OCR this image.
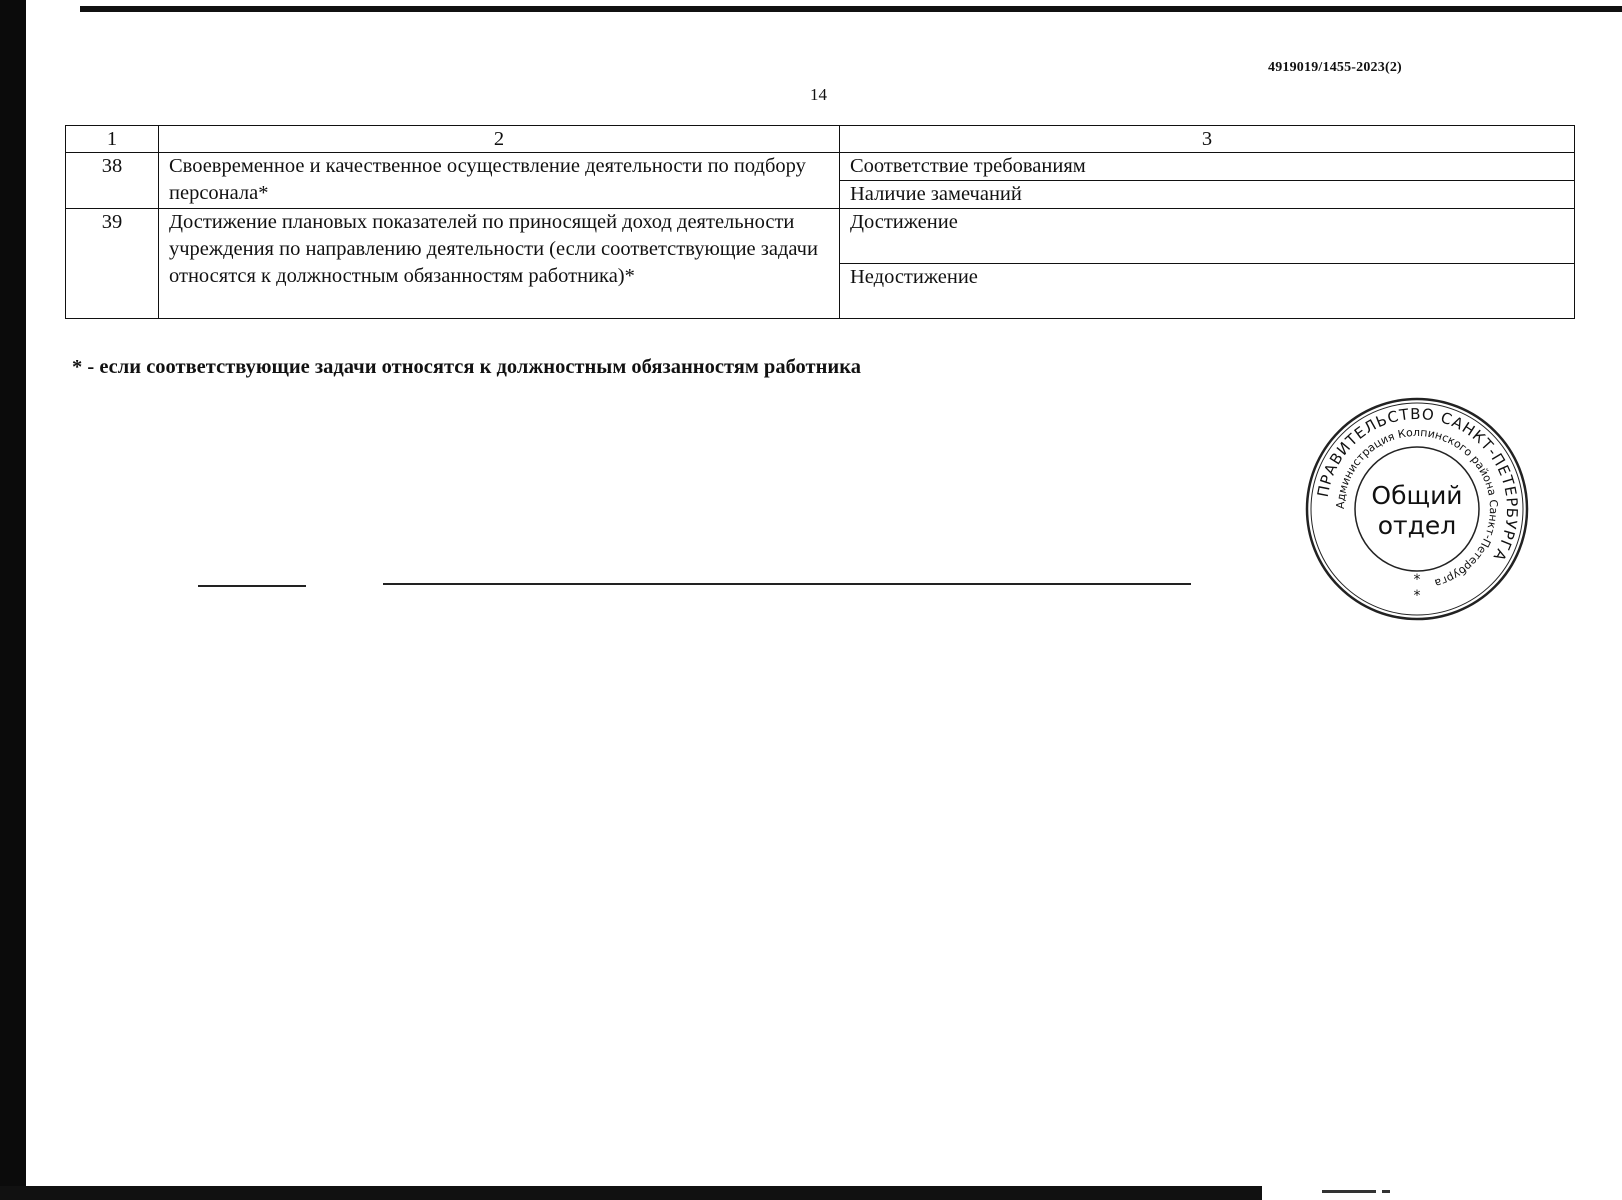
4919019/1455-2023(2)
14
1	2	3
38	Своевременное и качественное осуществление деятельности по подбору персонала*	Соответствие требованиям
		Наличие замечаний
39	Достижение плановых показателей по приносящей доход деятельности учреждения по направлению деятельности (если соответствующие задачи относятся к должностным обязанностям работника)*	Достижение
		Недостижение
* - если соответствующие задачи относятся к должностным обязанностям работника
ПРАВИТЕЛЬСТВО САНКТ-ПЕТЕРБУРГА
Администрация Колпинского района Санкт-Петербурга
Общий
отдел
*
*
